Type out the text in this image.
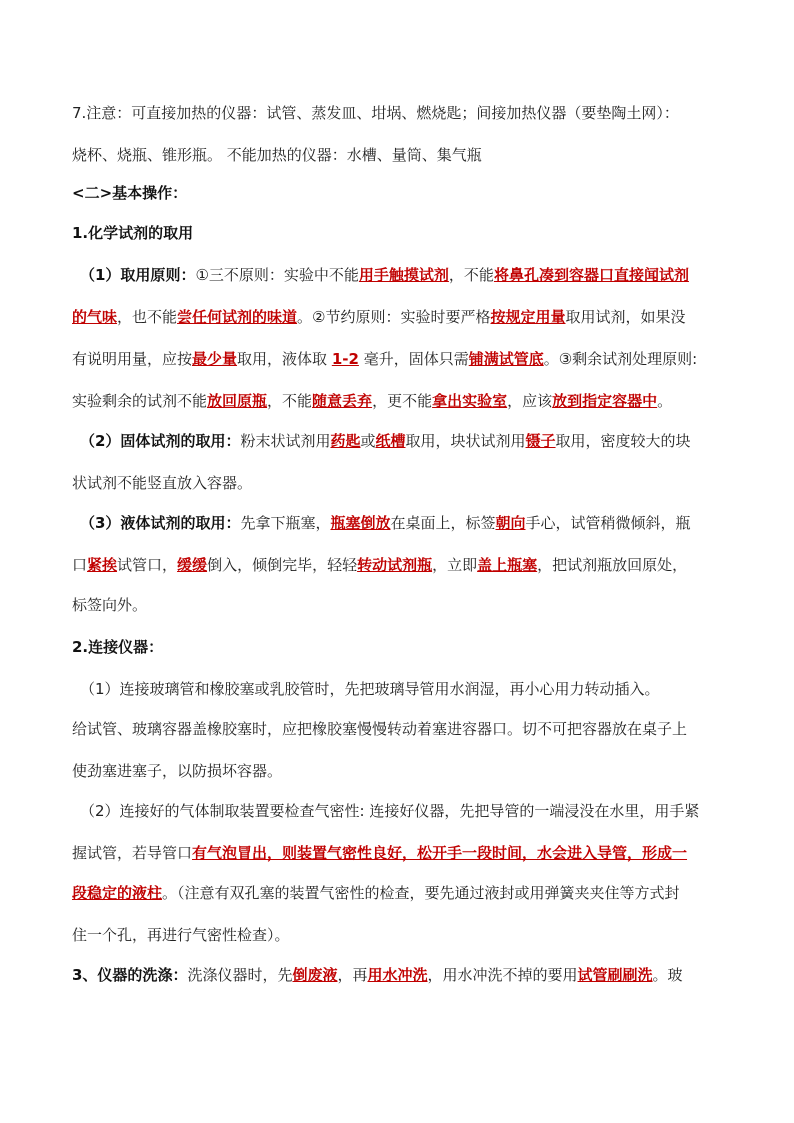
7.注意：可直接加热的仪器：试管、蒸发皿、坩埚、燃烧匙；间接加热仪器（要垫陶土网）：
烧杯、烧瓶、锥形瓶。 不能加热的仪器：水槽、量筒、集气瓶
<二>基本操作：
1.化学试剂的取用
（1）取用原则：①三不原则：实验中不能用手触摸试剂，不能将鼻孔凑到容器口直接闻试剂
的气味，也不能尝任何试剂的味道。②节约原则：实验时要严格按规定用量取用试剂，如果没
有说明用量，应按最少量取用，液体取 1-2 毫升，固体只需铺满试管底。③剩余试剂处理原则:
实验剩余的试剂不能放回原瓶，不能随意丢弃，更不能拿出实验室，应该放到指定容器中。
（2）固体试剂的取用：粉末状试剂用药匙或纸槽取用，块状试剂用镊子取用，密度较大的块
状试剂不能竖直放入容器。
（3）液体试剂的取用：先拿下瓶塞，瓶塞倒放在桌面上，标签朝向手心，试管稍微倾斜，瓶
口紧挨试管口，缓缓倒入，倾倒完毕，轻轻转动试剂瓶，立即盖上瓶塞，把试剂瓶放回原处，
标签向外。
2.连接仪器：
（1）连接玻璃管和橡胶塞或乳胶管时，先把玻璃导管用水润湿，再小心用力转动插入。
给试管、玻璃容器盖橡胶塞时，应把橡胶塞慢慢转动着塞进容器口。切不可把容器放在桌子上
使劲塞进塞子，以防损坏容器。
（2）连接好的气体制取装置要检查气密性: 连接好仪器，先把导管的一端浸没在水里，用手紧
握试管，若导管口有气泡冒出，则装置气密性良好，松开手一段时间，水会进入导管，形成一
段稳定的液柱。（注意有双孔塞的装置气密性的检查，要先通过液封或用弹簧夹夹住等方式封
住一个孔，再进行气密性检查）。
3、仪器的洗涤：洗涤仪器时，先倒废液，再用水冲洗，用水冲洗不掉的要用试管刷刷洗。玻
